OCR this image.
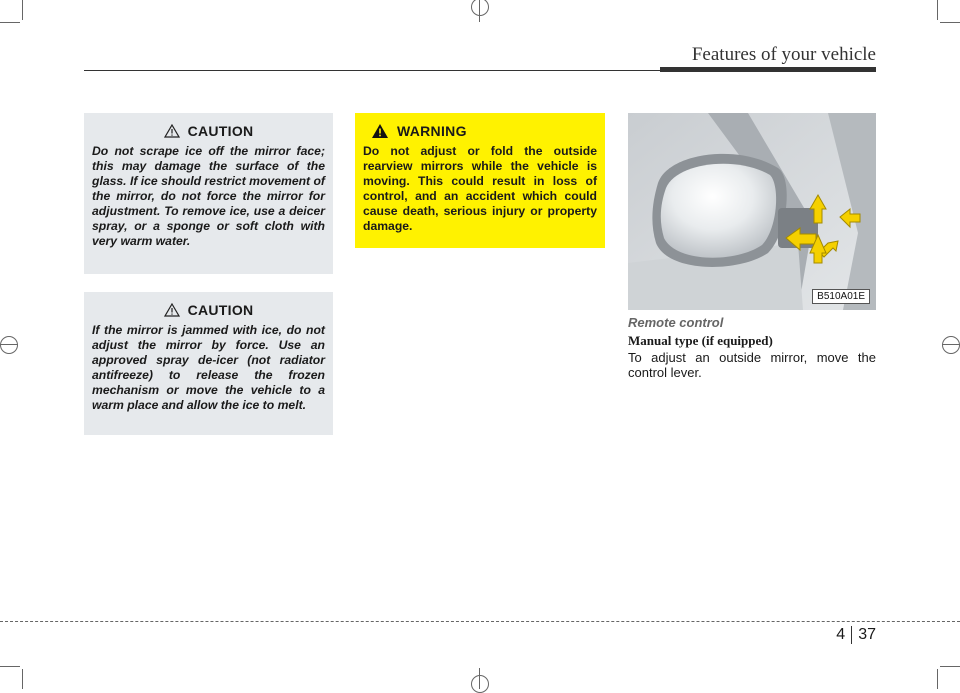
Features of your vehicle
CAUTION
Do not scrape ice off the mirror face; this may damage the surface of the glass. If ice should restrict movement of the mirror, do not force the mirror for adjustment. To remove ice, use a deicer spray, or a sponge or soft cloth with very warm water.
CAUTION
If the mirror is jammed with ice, do not adjust the mirror by force. Use an approved spray de-icer (not radiator antifreeze) to release the frozen mechanism or move the vehicle to a warm place and allow the ice to melt.
WARNING
Do not adjust or fold the outside rearview mirrors while the vehicle is moving. This could result in loss of control, and an accident which could cause death, serious injury or property damage.
B510A01E
Remote control
Manual type (if equipped)
To adjust an outside mirror, move the control lever.
4 37
